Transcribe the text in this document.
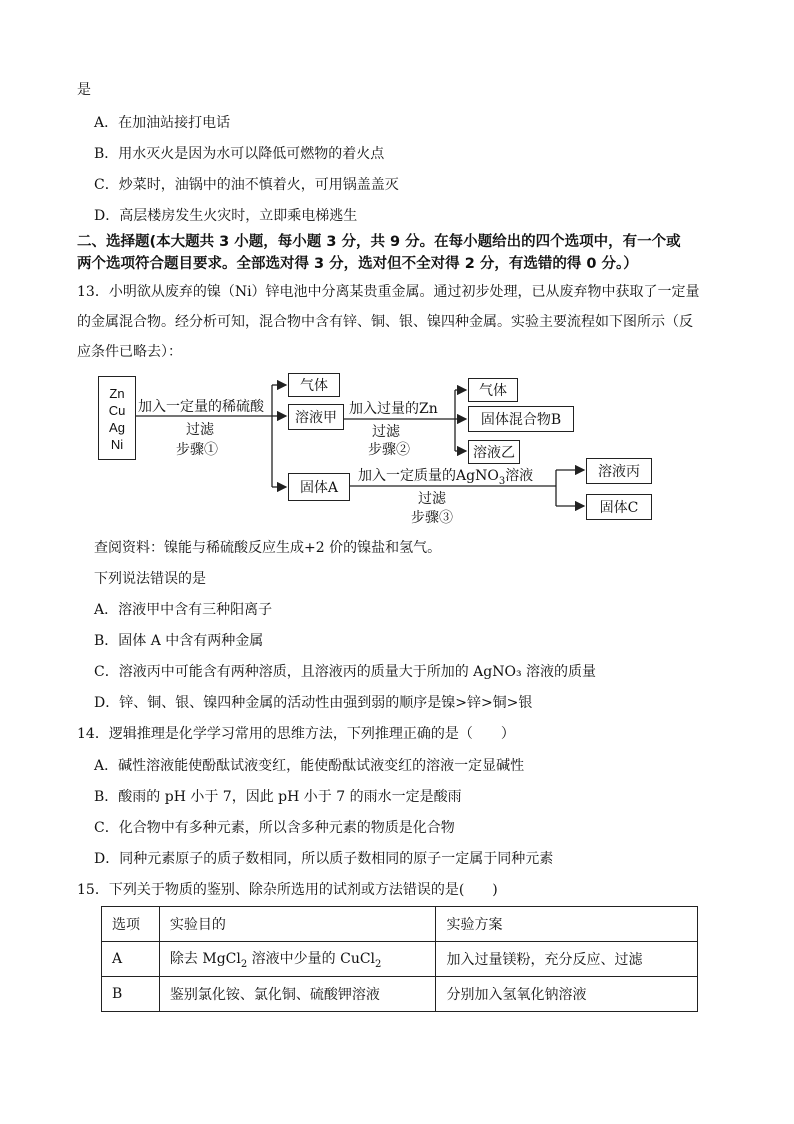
是
A．在加油站接打电话
B．用水灭火是因为水可以降低可燃物的着火点
C．炒菜时，油锅中的油不慎着火，可用锅盖盖灭
D．高层楼房发生火灾时，立即乘电梯逃生
二、选择题(本大题共 3 小题，每小题 3 分，共 9 分。在每小题给出的四个选项中，有一个或
两个选项符合题目要求。全部选对得 3 分，选对但不全对得 2 分，有选错的得 0 分。）
13．小明欲从废弃的镍（Ni）锌电池中分离某贵重金属。通过初步处理，已从废弃物中获取了一定量
的金属混合物。经分析可知，混合物中含有锌、铜、银、镍四种金属。实验主要流程如下图所示（反
应条件已略去）：
Zn
Cu
Ag
Ni
加入一定量的稀硫酸
过滤
步骤①
气体
溶液甲
固体A
加入过量的Zn
过滤
步骤②
气体
固体混合物B
溶液乙
加入一定质量的AgNO$_3$溶液
过滤
步骤③
溶液丙
固体C
查阅资料：镍能与稀硫酸反应生成+2 价的镍盐和氢气。
下列说法错误的是
A．溶液甲中含有三种阳离子
B．固体 A 中含有两种金属
C．溶液丙中可能含有两种溶质，且溶液丙的质量大于所加的 AgNO₃ 溶液的质量
D．锌、铜、银、镍四种金属的活动性由强到弱的顺序是镍>锌>铜>银
14．逻辑推理是化学学习常用的思维方法，下列推理正确的是（　　）
A．碱性溶液能使酚酞试液变红，能使酚酞试液变红的溶液一定显碱性
B．酸雨的 pH 小于 7，因此 pH 小于 7 的雨水一定是酸雨
C．化合物中有多种元素，所以含多种元素的物质是化合物
D．同种元素原子的质子数相同，所以质子数相同的原子一定属于同种元素
15．下列关于物质的鉴别、除杂所选用的试剂或方法错误的是(　　)
选项	实验目的	实验方案
A	除去 MgCl$_2$ 溶液中少量的 CuCl$_2$	加入过量镁粉，充分反应、过滤
B	鉴别氯化铵、氯化铜、硫酸钾溶液	分别加入氢氧化钠溶液
